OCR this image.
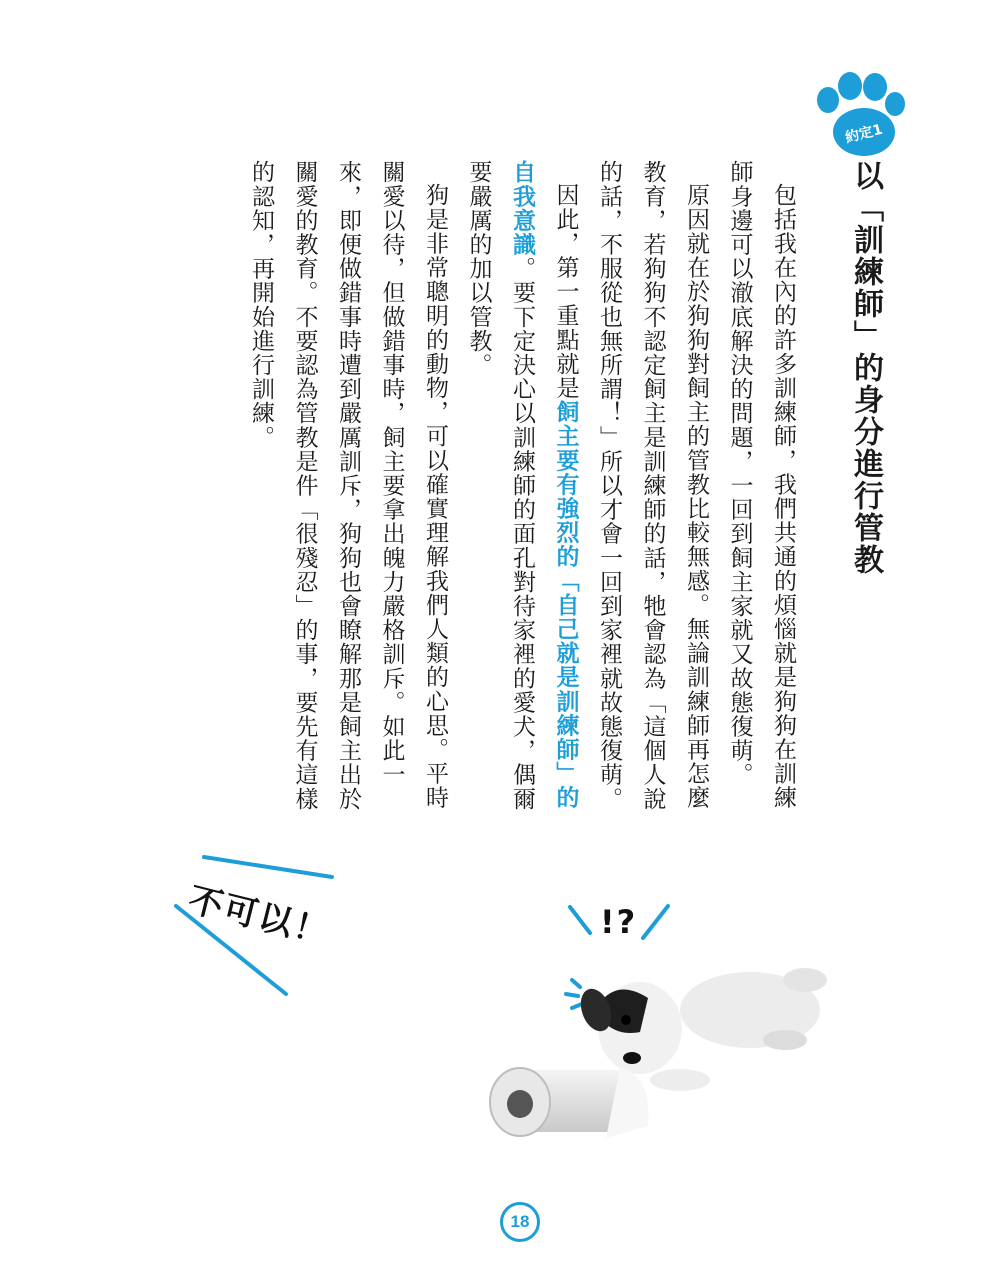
約定1
以「訓練師」的身分進行管教

包括我在內的許多訓練師，我們共通的煩惱就是狗狗在訓練師身邊可以澈底解決的問題，一回到飼主家就又故態復萌。

原因就在於狗狗對飼主的管教比較無感。無論訓練師再怎麼教育，若狗狗不認定飼主是訓練師的話，牠會認為「這個人說的話，不服從也無所謂！」所以才會一回到家裡就故態復萌。

因此，第一重點就是飼主要有強烈的「自己就是訓練師」的自我意識。要下定決心以訓練師的面孔對待家裡的愛犬，偶爾要嚴厲的加以管教。

狗是非常聰明的動物，可以確實理解我們人類的心思。平時關愛以待，但做錯事時，飼主要拿出魄力嚴格訓斥。如此一來，即便做錯事時遭到嚴厲訓斥，狗狗也會瞭解那是飼主出於關愛的教育。不要認為管教是件「很殘忍」的事，要先有這樣的認知，再開始進行訓練。

不可以！	!?
18
